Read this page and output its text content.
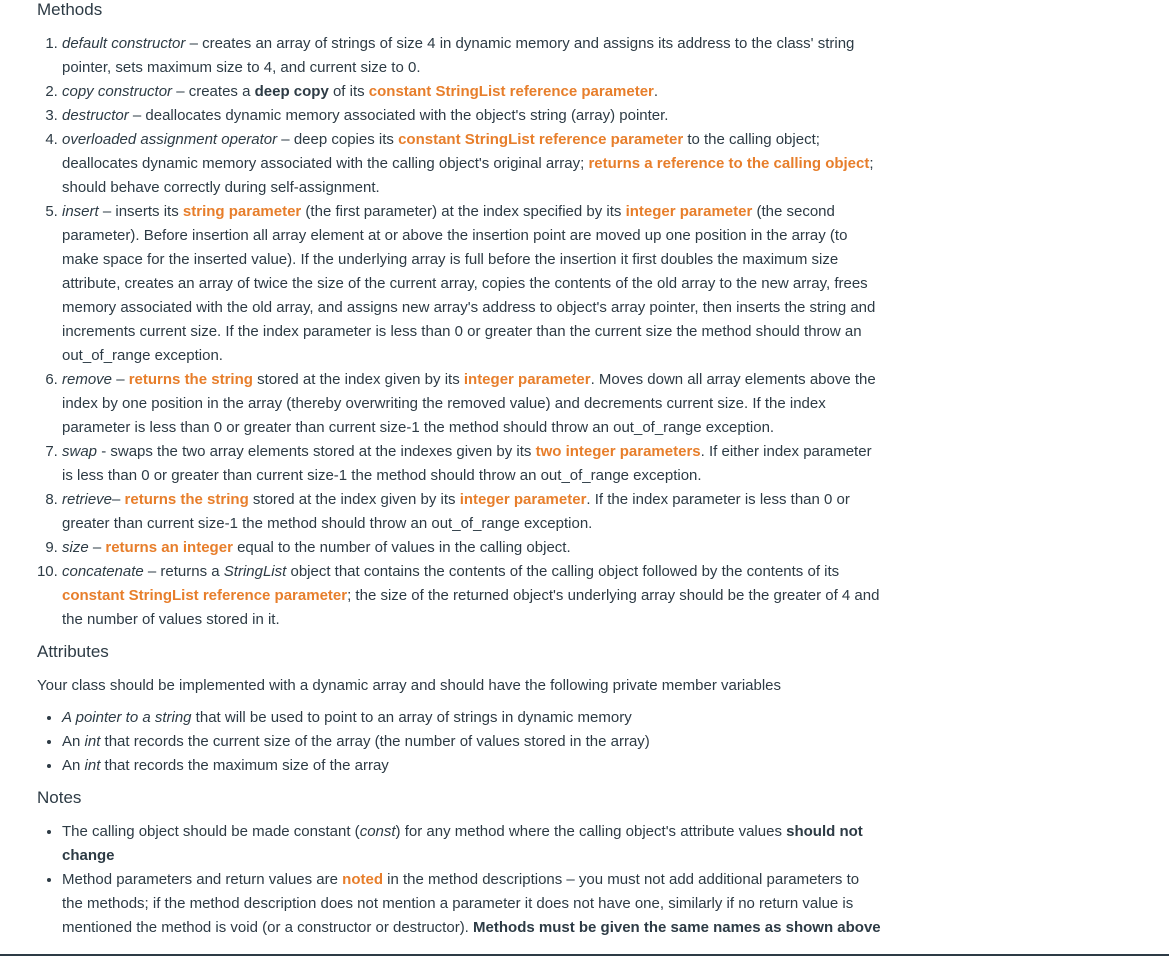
Methods
1. default constructor – creates an array of strings of size 4 in dynamic memory and assigns its address to the class' string pointer, sets maximum size to 4, and current size to 0.
2. copy constructor – creates a deep copy of its constant StringList reference parameter.
3. destructor – deallocates dynamic memory associated with the object's string (array) pointer.
4. overloaded assignment operator – deep copies its constant StringList reference parameter to the calling object; deallocates dynamic memory associated with the calling object's original array; returns a reference to the calling object; should behave correctly during self-assignment.
5. insert – inserts its string parameter (the first parameter) at the index specified by its integer parameter (the second parameter). Before insertion all array element at or above the insertion point are moved up one position in the array (to make space for the inserted value). If the underlying array is full before the insertion it first doubles the maximum size attribute, creates an array of twice the size of the current array, copies the contents of the old array to the new array, frees memory associated with the old array, and assigns new array's address to object's array pointer, then inserts the string and increments current size. If the index parameter is less than 0 or greater than the current size the method should throw an out_of_range exception.
6. remove – returns the string stored at the index given by its integer parameter. Moves down all array elements above the index by one position in the array (thereby overwriting the removed value) and decrements current size. If the index parameter is less than 0 or greater than current size-1 the method should throw an out_of_range exception.
7. swap - swaps the two array elements stored at the indexes given by its two integer parameters. If either index parameter is less than 0 or greater than current size-1 the method should throw an out_of_range exception.
8. retrieve– returns the string stored at the index given by its integer parameter. If the index parameter is less than 0 or greater than current size-1 the method should throw an out_of_range exception.
9. size – returns an integer equal to the number of values in the calling object.
10. concatenate – returns a StringList object that contains the contents of the calling object followed by the contents of its constant StringList reference parameter; the size of the returned object's underlying array should be the greater of 4 and the number of values stored in it.
Attributes

Your class should be implemented with a dynamic array and should have the following private member variables

• A pointer to a string that will be used to point to an array of strings in dynamic memory
• An int that records the current size of the array (the number of values stored in the array)
• An int that records the maximum size of the array
Notes
• The calling object should be made constant (const) for any method where the calling object's attribute values should not change
• Method parameters and return values are noted in the method descriptions – you must not add additional parameters to the methods; if the method description does not mention a parameter it does not have one, similarly if no return value is mentioned the method is void (or a constructor or destructor). Methods must be given the same names as shown above
